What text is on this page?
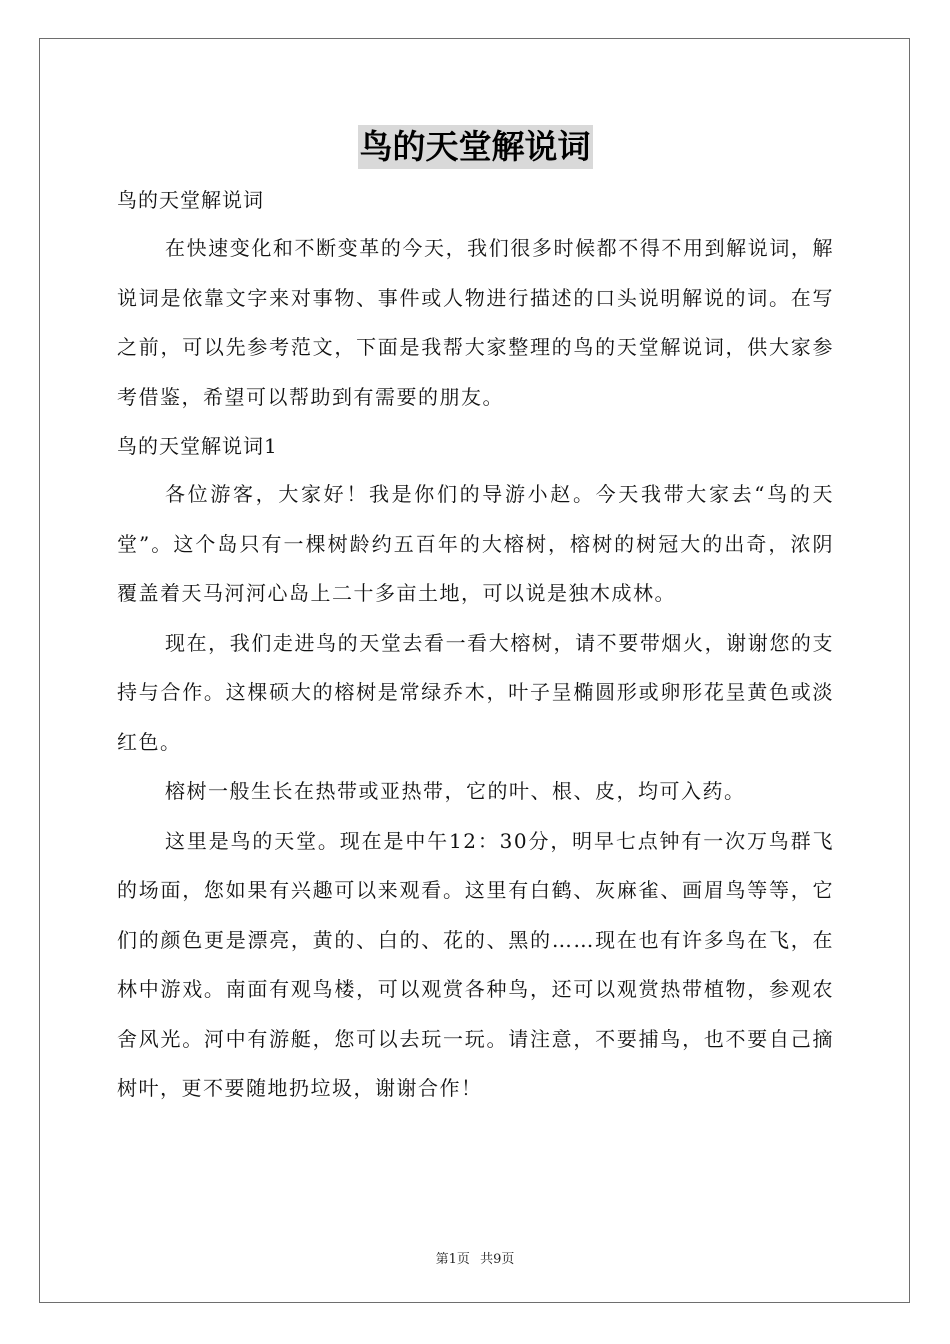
鸟的天堂解说词

鸟的天堂解说词

在快速变化和不断变革的今天，我们很多时候都不得不用到解说词，解说词是依靠文字来对事物、事件或人物进行描述的口头说明解说的词。在写之前，可以先参考范文，下面是我帮大家整理的鸟的天堂解说词，供大家参考借鉴，希望可以帮助到有需要的朋友。

鸟的天堂解说词1

各位游客，大家好！我是你们的导游小赵。今天我带大家去“鸟的天堂”。这个岛只有一棵树龄约五百年的大榕树，榕树的树冠大的出奇，浓阴覆盖着天马河河心岛上二十多亩土地，可以说是独木成林。

现在，我们走进鸟的天堂去看一看大榕树，请不要带烟火，谢谢您的支持与合作。这棵硕大的榕树是常绿乔木，叶子呈椭圆形或卵形花呈黄色或淡红色。

榕树一般生长在热带或亚热带，它的叶、根、皮，均可入药。

这里是鸟的天堂。现在是中午12：30分，明早七点钟有一次万鸟群飞的场面，您如果有兴趣可以来观看。这里有白鹤、灰麻雀、画眉鸟等等，它们的颜色更是漂亮，黄的、白的、花的、黑的……现在也有许多鸟在飞，在林中游戏。南面有观鸟楼，可以观赏各种鸟，还可以观赏热带植物，参观农舍风光。河中有游艇，您可以去玩一玩。请注意，不要捕鸟，也不要自己摘树叶，更不要随地扔垃圾，谢谢合作！

第1页 共9页
